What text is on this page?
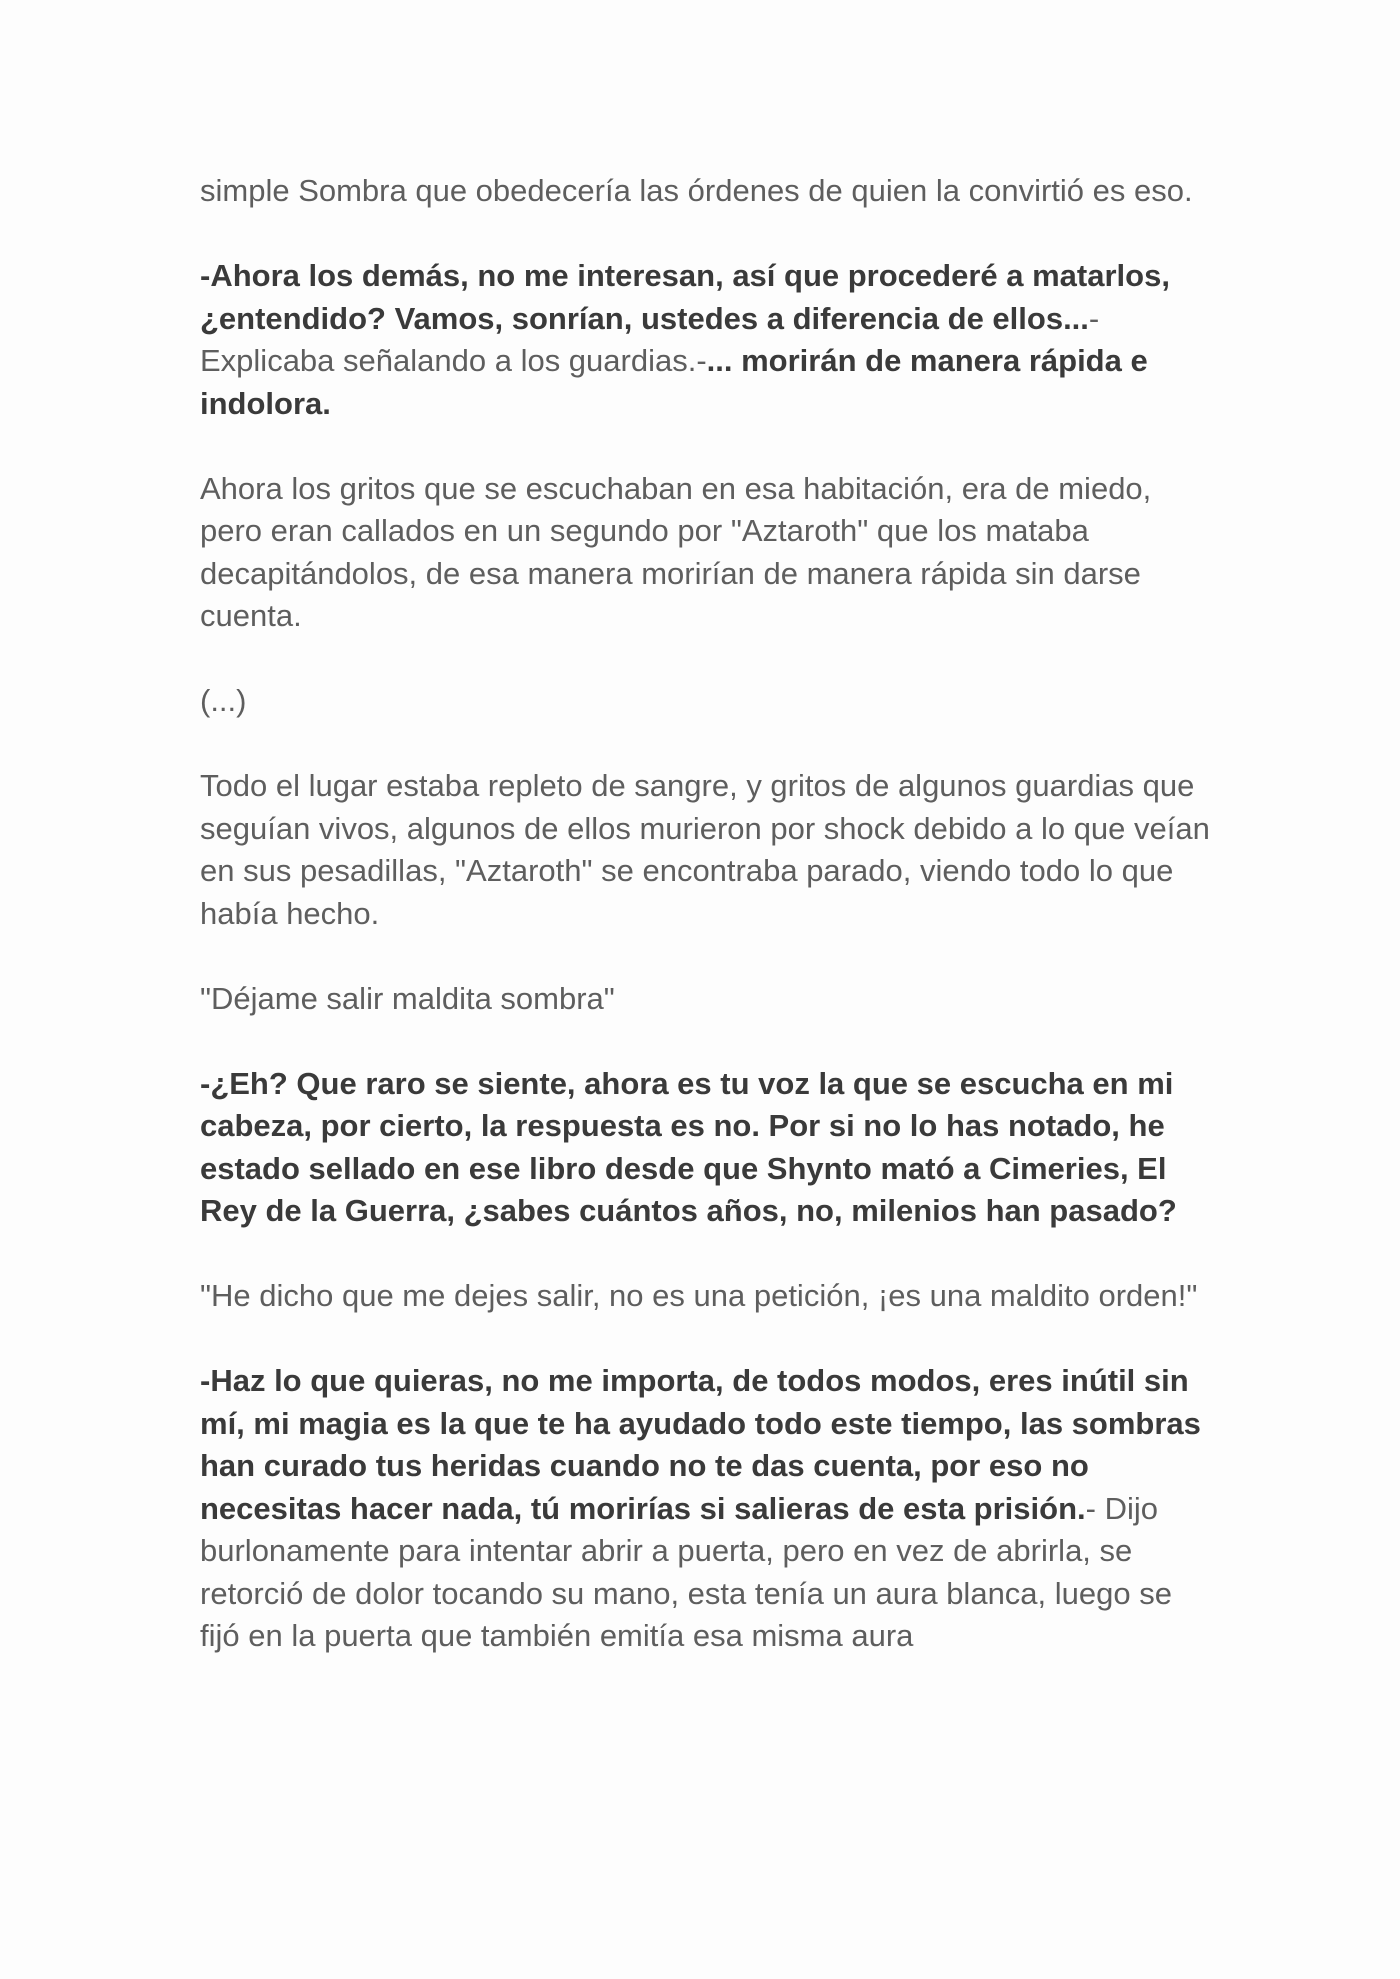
simple Sombra que obedecería las órdenes de quien la convirtió es eso.

-Ahora los demás, no me interesan, así que procederé a matarlos, ¿entendido? Vamos, sonrían, ustedes a diferencia de ellos...- Explicaba señalando a los guardias.-... morirán de manera rápida e indolora.

Ahora los gritos que se escuchaban en esa habitación, era de miedo, pero eran callados en un segundo por "Aztaroth" que los mataba decapitándolos, de esa manera morirían de manera rápida sin darse cuenta.

(...)

Todo el lugar estaba repleto de sangre, y gritos de algunos guardias que seguían vivos, algunos de ellos murieron por shock debido a lo que veían en sus pesadillas, "Aztaroth" se encontraba parado, viendo todo lo que había hecho.

"Déjame salir maldita sombra"

-¿Eh? Que raro se siente, ahora es tu voz la que se escucha en mi cabeza, por cierto, la respuesta es no. Por si no lo has notado, he estado sellado en ese libro desde que Shynto mató a Cimeries, El Rey de la Guerra, ¿sabes cuántos años, no, milenios han pasado?

"He dicho que me dejes salir, no es una petición, ¡es una maldito orden!"

-Haz lo que quieras, no me importa, de todos modos, eres inútil sin mí, mi magia es la que te ha ayudado todo este tiempo, las sombras han curado tus heridas cuando no te das cuenta, por eso no necesitas hacer nada, tú morirías si salieras de esta prisión.- Dijo burlonamente para intentar abrir a puerta, pero en vez de abrirla, se retorció de dolor tocando su mano, esta tenía un aura blanca, luego se fijó en la puerta que también emitía esa misma aura
